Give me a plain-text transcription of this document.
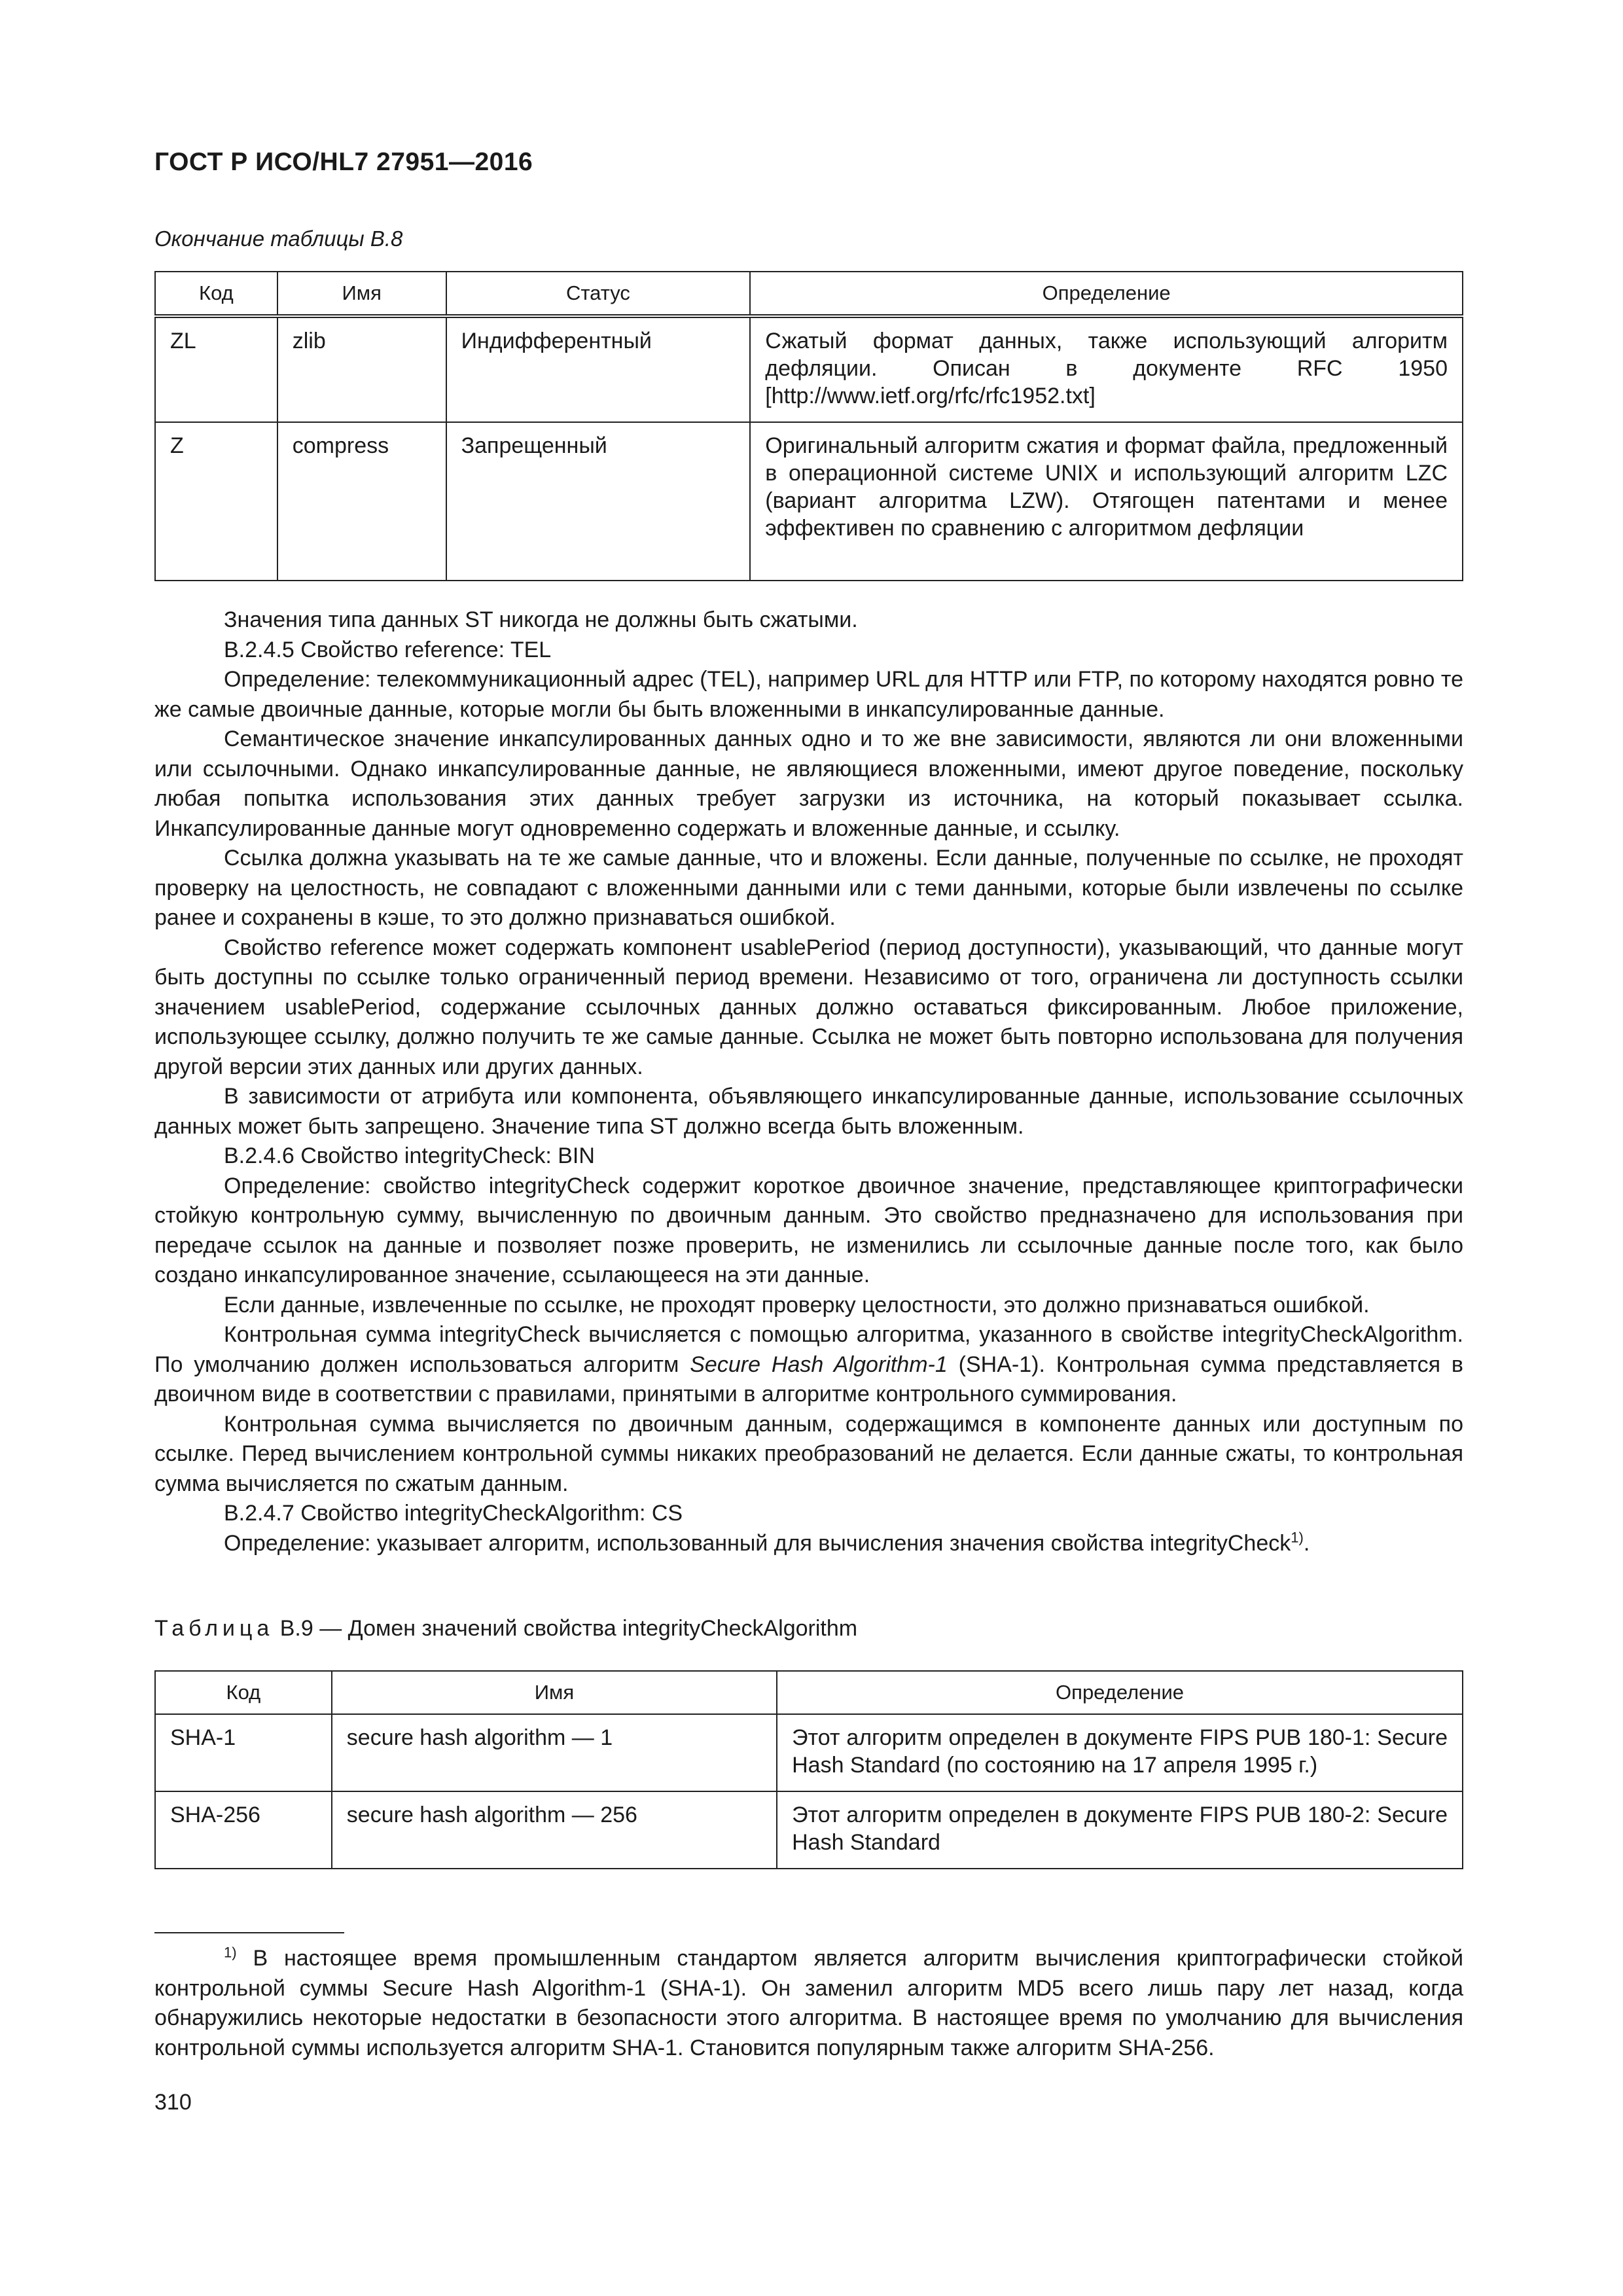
ГОСТ Р ИСО/HL7 27951—2016
Окончание таблицы B.8
Код	Имя	Статус	Определение
ZL	zlib	Индифферентный	Сжатый формат данных, также использующий алгоритм дефляции. Описан в документе RFC 1950 [http://www.ietf.org/rfc/rfc1952.txt]
Z	compress	Запрещенный	Оригинальный алгоритм сжатия и формат файла, предложенный в операционной системе UNIX и использующий алгоритм LZC (вариант алгоритма LZW). Отягощен патентами и менее эффективен по сравнению с алгоритмом дефляции

Значения типа данных ST никогда не должны быть сжатыми.

B.2.4.5 Свойство reference: TEL

Определение: телекоммуникационный адрес (TEL), например URL для HTTP или FTP, по которому находятся ровно те же самые двоичные данные, которые могли бы быть вложенными в инкапсулированные данные.

Семантическое значение инкапсулированных данных одно и то же вне зависимости, являются ли они вложенными или ссылочными. Однако инкапсулированные данные, не являющиеся вложенными, имеют другое поведение, поскольку любая попытка использования этих данных требует загрузки из источника, на который показывает ссылка. Инкапсулированные данные могут одновременно содержать и вложенные данные, и ссылку.

Ссылка должна указывать на те же самые данные, что и вложены. Если данные, полученные по ссылке, не проходят проверку на целостность, не совпадают с вложенными данными или с теми данными, которые были извлечены по ссылке ранее и сохранены в кэше, то это должно признаваться ошибкой.

Свойство reference может содержать компонент usablePeriod (период доступности), указывающий, что данные могут быть доступны по ссылке только ограниченный период времени. Независимо от того, ограничена ли доступность ссылки значением usablePeriod, содержание ссылочных данных должно оставаться фиксированным. Любое приложение, использующее ссылку, должно получить те же самые данные. Ссылка не может быть повторно использована для получения другой версии этих данных или других данных.

В зависимости от атрибута или компонента, объявляющего инкапсулированные данные, использование ссылочных данных может быть запрещено. Значение типа ST должно всегда быть вложенным.

B.2.4.6 Свойство integrityCheck: BIN

Определение: свойство integrityCheck содержит короткое двоичное значение, представляющее криптографически стойкую контрольную сумму, вычисленную по двоичным данным. Это свойство предназначено для использования при передаче ссылок на данные и позволяет позже проверить, не изменились ли ссылочные данные после того, как было создано инкапсулированное значение, ссылающееся на эти данные.

Если данные, извлеченные по ссылке, не проходят проверку целостности, это должно признаваться ошибкой.

Контрольная сумма integrityCheck вычисляется с помощью алгоритма, указанного в свойстве integrityCheckAlgorithm. По умолчанию должен использоваться алгоритм Secure Hash Algorithm-1 (SHA-1). Контрольная сумма представляется в двоичном виде в соответствии с правилами, принятыми в алгоритме контрольного суммирования.

Контрольная сумма вычисляется по двоичным данным, содержащимся в компоненте данных или доступным по ссылке. Перед вычислением контрольной суммы никаких преобразований не делается. Если данные сжаты, то контрольная сумма вычисляется по сжатым данным.

B.2.4.7 Свойство integrityCheckAlgorithm: CS

Определение: указывает алгоритм, использованный для вычисления значения свойства integrityCheck$^{1)}$.

Таблица B.9 — Домен значений свойства integrityCheckAlgorithm
Код	Имя	Определение
SHA-1	secure hash algorithm — 1	Этот алгоритм определен в документе FIPS PUB 180-1: Secure Hash Standard (по состоянию на 17 апреля 1995 г.)
SHA-256	secure hash algorithm — 256	Этот алгоритм определен в документе FIPS PUB 180-2: Secure Hash Standard

$^{1)}$ В настоящее время промышленным стандартом является алгоритм вычисления криптографически стойкой контрольной суммы Secure Hash Algorithm-1 (SHA-1). Он заменил алгоритм MD5 всего лишь пару лет назад, когда обнаружились некоторые недостатки в безопасности этого алгоритма. В настоящее время по умолчанию для вычисления контрольной суммы используется алгоритм SHA-1. Становится популярным также алгоритм SHA-256.

310
